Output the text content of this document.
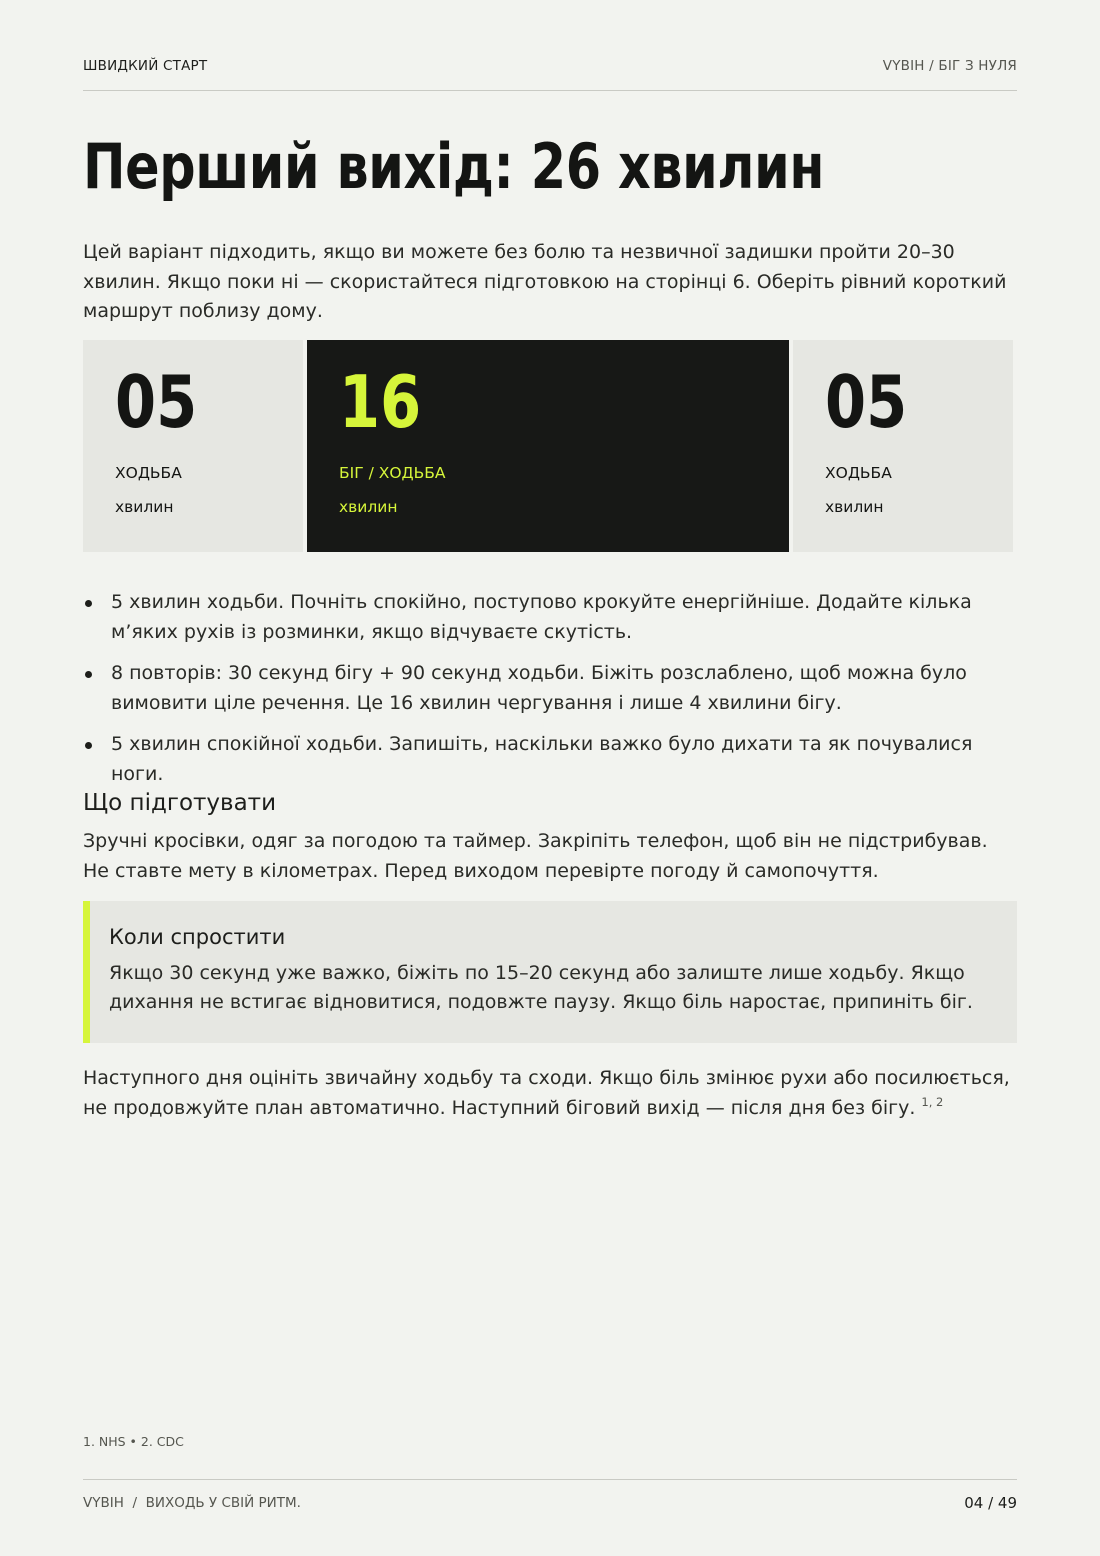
ШВИДКИЙ СТАРТ	VYBIH / БІГ З НУЛЯ
Перший вихід: 26 хвилин

Цей варіант підходить, якщо ви можете без болю та незвичної задишки пройти 20–30 хвилин. Якщо поки ні — скористайтеся підготовкою на сторінці 6. Оберіть рівний короткий маршрут поблизу дому.

05
ХОДЬБА
хвилин
16
БІГ / ХОДЬБА
хвилин
05
ХОДЬБА
хвилин
5 хвилин ходьби. Почніть спокійно, поступово крокуйте енергійніше. Додайте кілька м’яких рухів із розминки, якщо відчуваєте скутість.
8 повторів: 30 секунд бігу + 90 секунд ходьби. Біжіть розслаблено, щоб можна було вимовити ціле речення. Це 16 хвилин чергування і лише 4 хвилини бігу.
5 хвилин спокійної ходьби. Запишіть, наскільки важко було дихати та як почувалися ноги.
Що підготувати

Зручні кросівки, одяг за погодою та таймер. Закріпіть телефон, щоб він не підстрибував. Не ставте мету в кілометрах. Перед виходом перевірте погоду й самопочуття.

Коли спростити

Якщо 30 секунд уже важко, біжіть по 15–20 секунд або залиште лише ходьбу. Якщо дихання не встигає відновитися, подовжте паузу. Якщо біль наростає, припиніть біг.

Наступного дня оцініть звичайну ходьбу та сходи. Якщо біль змінює рухи або посилюється, не продовжуйте план автоматично. Наступний біговий вихід — після дня без бігу. $^{1, 2}$

1. NHS • 2. CDC
VYBIH  /  ВИХОДЬ У СВІЙ РИТМ.	04 / 49
